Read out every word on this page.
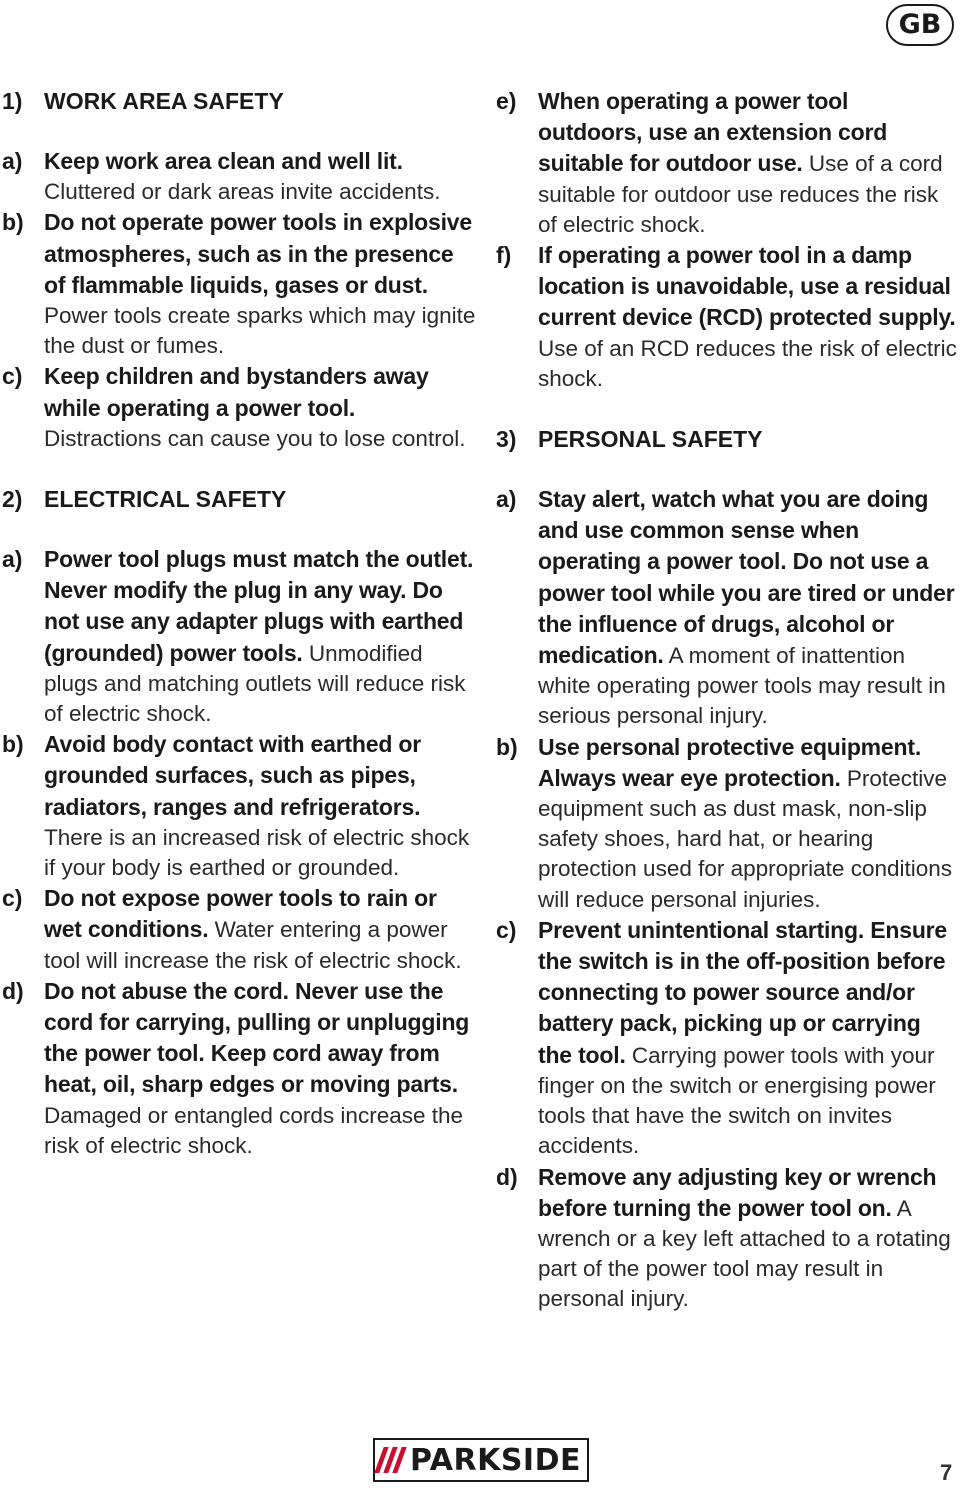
GB
1) WORK AREA SAFETY
a) Keep work area clean and well lit. Cluttered or dark areas invite accidents.
b) Do not operate power tools in explosive atmospheres, such as in the presence of flammable liquids, gases or dust. Power tools create sparks which may ignite the dust or fumes.
c) Keep children and bystanders away while operating a power tool. Distractions can cause you to lose control.
2) ELECTRICAL SAFETY
a) Power tool plugs must match the outlet. Never modify the plug in any way. Do not use any adapter plugs with earthed (grounded) power tools. Unmodified plugs and matching outlets will reduce risk of electric shock.
b) Avoid body contact with earthed or grounded surfaces, such as pipes, radiators, ranges and refrigerators. There is an increased risk of electric shock if your body is earthed or grounded.
c) Do not expose power tools to rain or wet conditions. Water entering a power tool will increase the risk of electric shock.
d) Do not abuse the cord. Never use the cord for carrying, pulling or unplugging the power tool. Keep cord away from heat, oil, sharp edges or moving parts. Damaged or entangled cords increase the risk of electric shock.
e) When operating a power tool outdoors, use an extension cord suitable for outdoor use. Use of a cord suitable for outdoor use reduces the risk of electric shock.
f)	If operating a power tool in a damp location is unavoidable, use a residual current device (RCD) protected supply. Use of an RCD reduces the risk of electric shock.
3) PERSONAL SAFETY
a) Stay alert, watch what you are doing and use common sense when operating a power tool. Do not use a power tool while you are tired or under the influence of drugs, alcohol or medication. A moment of inattention white operating power tools may result in serious personal injury.
b) Use personal protective equipment. Always wear eye protection. Protective equipment such as dust mask, non-slip safety shoes, hard hat, or hearing protection used for appropriate conditions will reduce personal injuries.
c) Prevent unintentional starting. Ensure the switch is in the off-position before connecting to power source and/or battery pack, picking up or carrying the tool. Carrying power tools with your finger on the switch or energising power tools that have the switch on invites accidents.
d) Remove any adjusting key or wrench before turning the power tool on. A wrench or a key left attached to a rotating part of the power tool may result in personal injury.
PARKSIDE	7
